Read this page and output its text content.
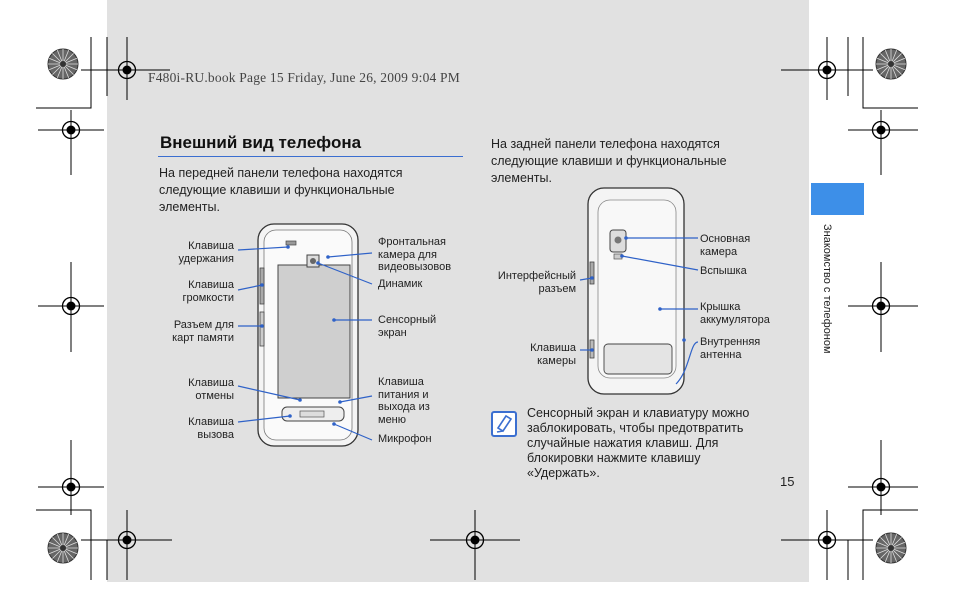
F480i-RU.book Page 15 Friday, June 26, 2009 9:04 PM
Внешний вид телефона
На передней панели телефона находятся следующие клавиши и функциональные элементы.
На задней панели телефона находятся следующие клавиши и функциональные элементы.
Клавиша
удержания
Клавиша
громкости
Разъем для
карт памяти
Клавиша
отмены
Клавиша
вызова
Фронтальная
камера для
видеовызовов
Динамик
Сенсорный
экран
Клавиша
питания и
выхода из
меню
Микрофон
Интерфейсный
разъем
Клавиша
камеры
Основная
камера
Вспышка
Крышка
аккумулятора
Внутренняя
антенна
Сенсорный экран и клавиатуру можно заблокировать, чтобы предотвратить случайные нажатия клавиш. Для блокировки нажмите клавишу «Удержать».
15
Знакомство с телефоном
